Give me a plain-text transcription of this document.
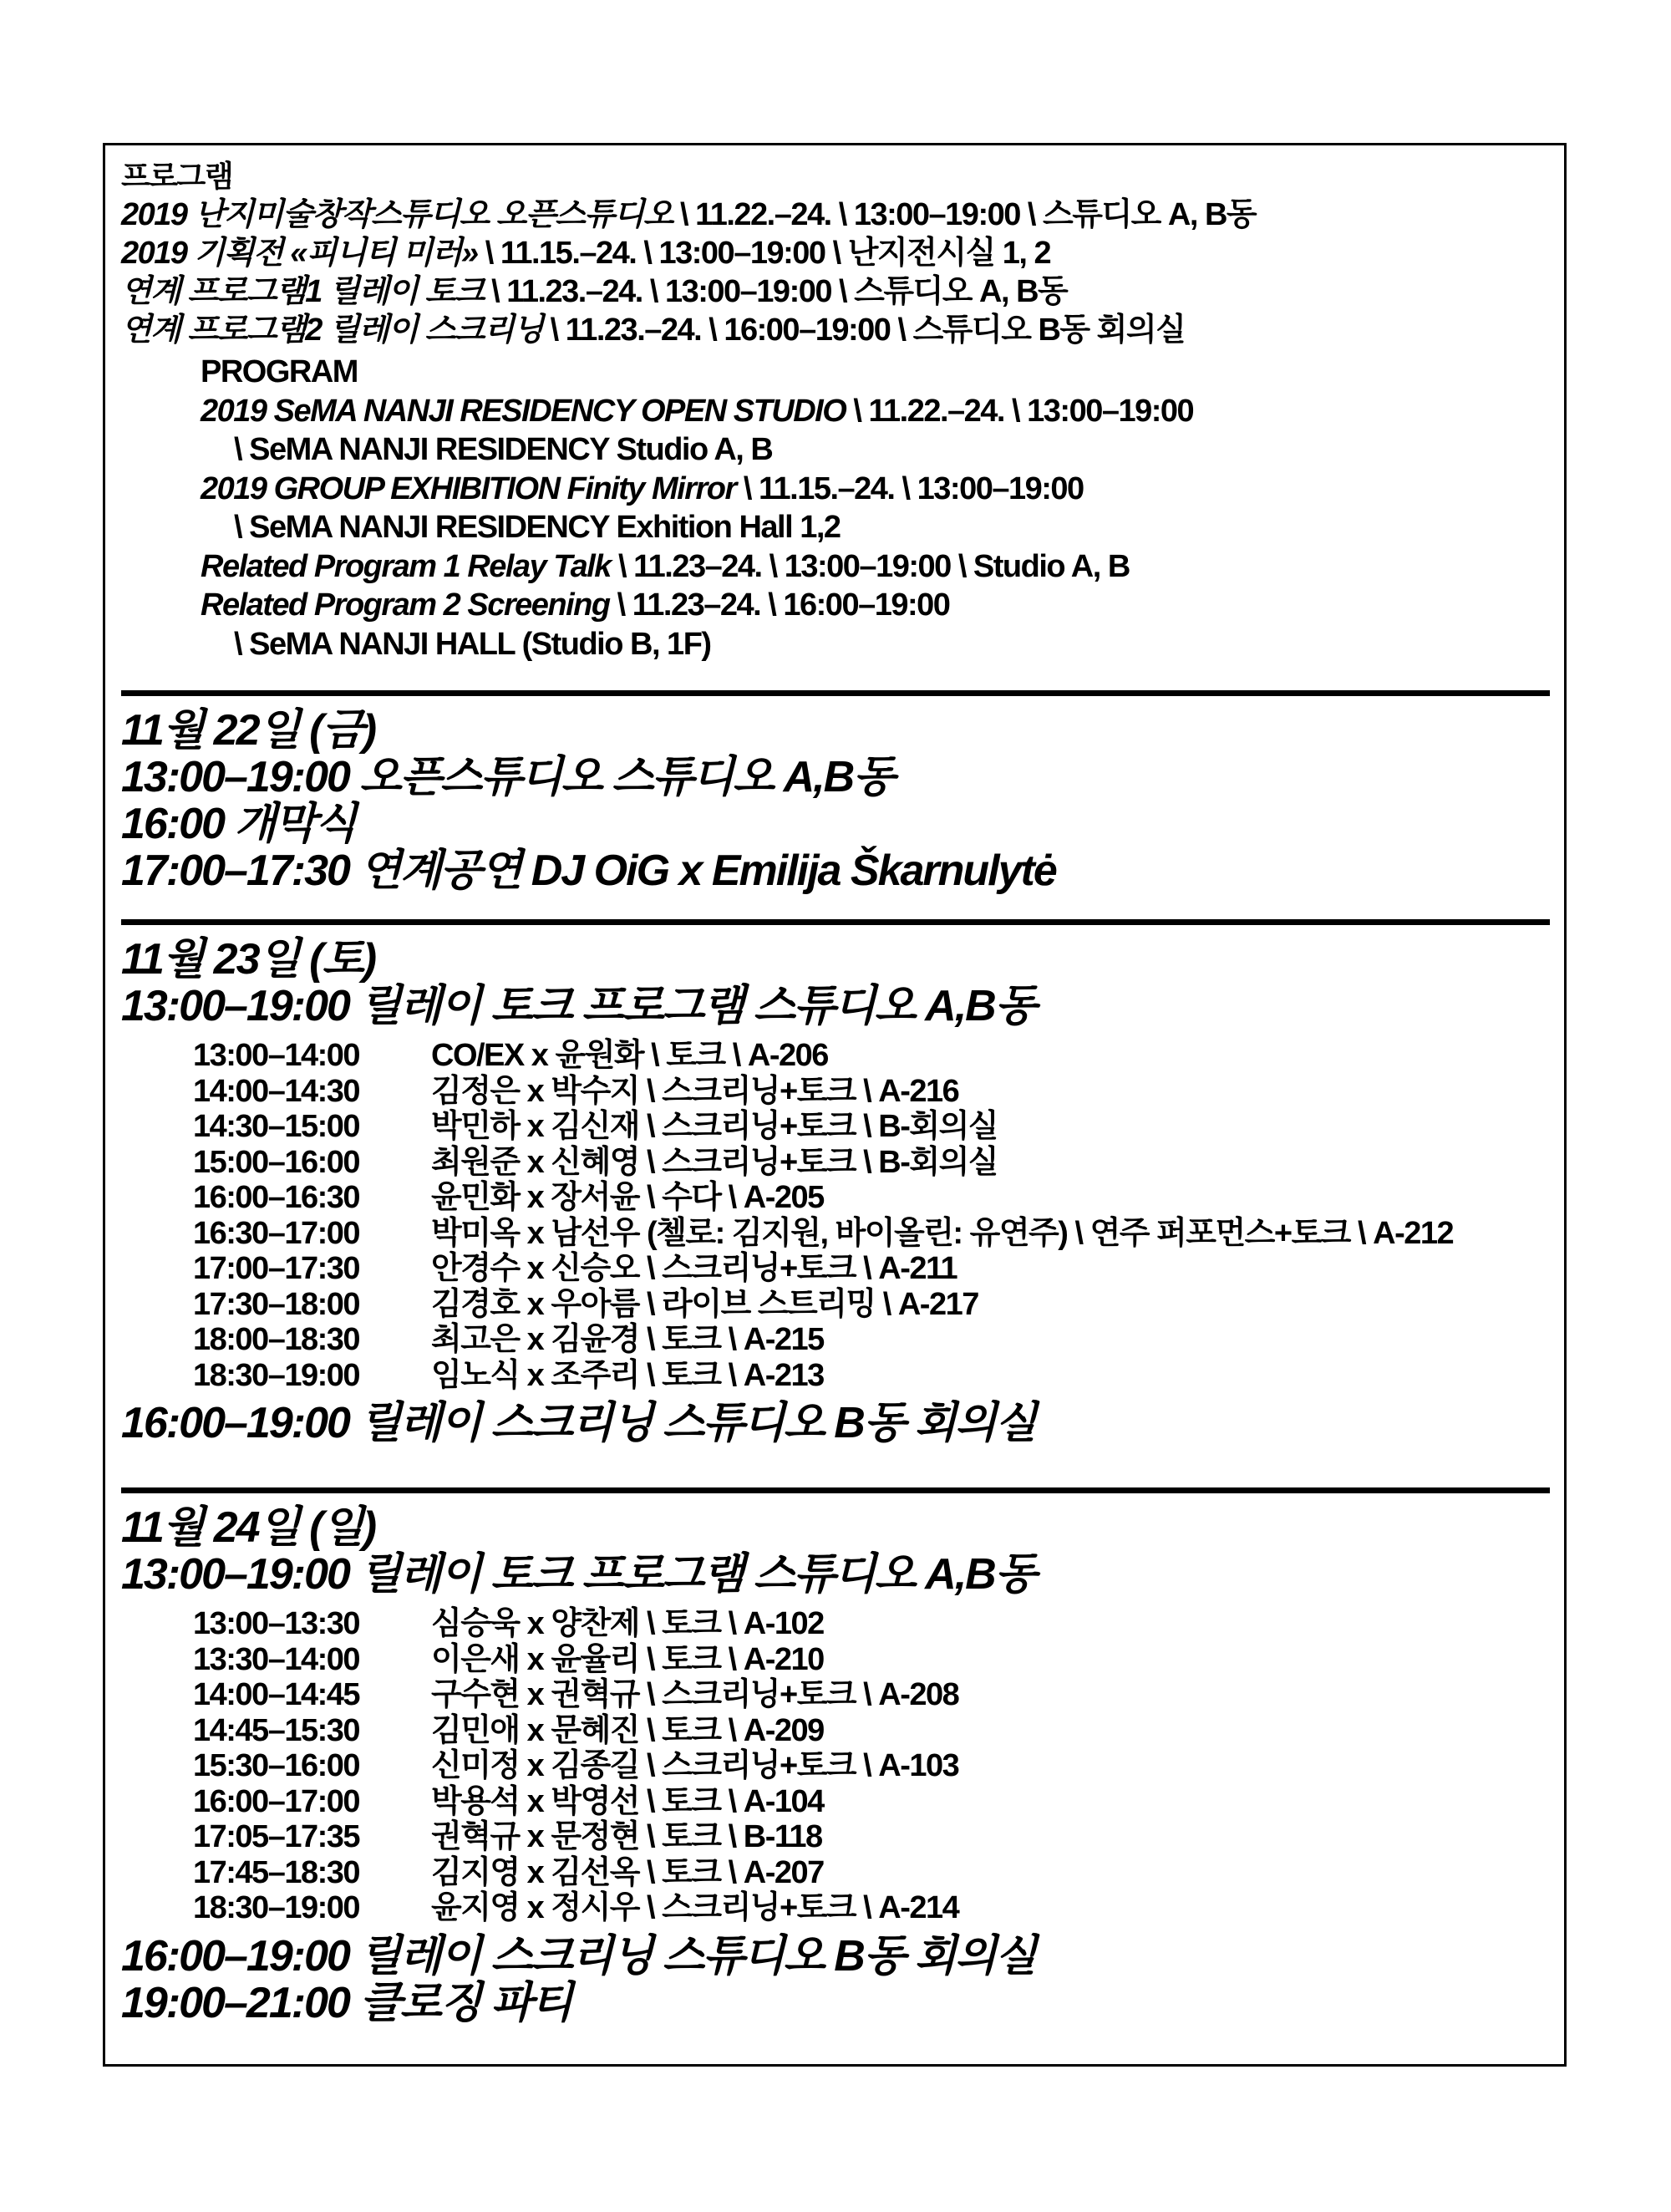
프로그램
2019 난지미술창작스튜디오 오픈스튜디오 \ 11.22.–24. \ 13:00–19:00 \ 스튜디오 A, B동
2019 기획전 «피니티 미러» \ 11.15.–24. \ 13:00–19:00 \ 난지전시실 1, 2
연계 프로그램1 릴레이 토크 \ 11.23.–24. \ 13:00–19:00 \ 스튜디오 A, B동
연계 프로그램2 릴레이 스크리닝 \ 11.23.–24. \ 16:00–19:00 \ 스튜디오 B동 회의실
PROGRAM
2019 SeMA NANJI RESIDENCY OPEN STUDIO \ 11.22.–24. \ 13:00–19:00
\ SeMA NANJI RESIDENCY Studio A, B
2019 GROUP EXHIBITION Finity Mirror \ 11.15.–24. \ 13:00–19:00
\ SeMA NANJI RESIDENCY Exhition Hall 1,2
Related Program 1 Relay Talk \ 11.23–24. \ 13:00–19:00 \ Studio A, B
Related Program 2 Screening \ 11.23–24. \ 16:00–19:00
\ SeMA NANJI HALL (Studio B, 1F)
11월 22일 (금)
13:00–19:00 오픈스튜디오 스튜디오 A,B동
16:00 개막식
17:00–17:30 연계공연 DJ OiG x Emilija Škarnulytė
11월 23일 (토)
13:00–19:00 릴레이 토크 프로그램 스튜디오 A,B동
13:00–14:00	CO/EX x 윤원화 \ 토크 \ A-206
14:00–14:30	김정은 x 박수지 \ 스크리닝+토크 \ A-216
14:30–15:00	박민하 x 김신재 \ 스크리닝+토크 \ B-회의실
15:00–16:00	최원준 x 신혜영 \ 스크리닝+토크 \ B-회의실
16:00–16:30	윤민화 x 장서윤 \ 수다 \ A-205
16:30–17:00	박미옥 x 남선우 (첼로: 김지원, 바이올린: 유연주) \ 연주 퍼포먼스+토크 \ A-212
17:00–17:30	안경수 x 신승오 \ 스크리닝+토크 \ A-211
17:30–18:00	김경호 x 우아름 \ 라이브 스트리밍 \ A-217
18:00–18:30	최고은 x 김윤경 \ 토크 \ A-215
18:30–19:00	임노식 x 조주리 \ 토크 \ A-213
16:00–19:00 릴레이 스크리닝 스튜디오 B동 회의실
11월 24일 (일)
13:00–19:00 릴레이 토크 프로그램 스튜디오 A,B동
13:00–13:30	심승욱 x 양찬제 \ 토크 \ A-102
13:30–14:00	이은새 x 윤율리 \ 토크 \ A-210
14:00–14:45	구수현 x 권혁규 \ 스크리닝+토크 \ A-208
14:45–15:30	김민애 x 문혜진 \ 토크 \ A-209
15:30–16:00	신미정 x 김종길 \ 스크리닝+토크 \ A-103
16:00–17:00	박용석 x 박영선 \ 토크 \ A-104
17:05–17:35	권혁규 x 문정현 \ 토크 \ B-118
17:45–18:30	김지영 x 김선옥 \ 토크 \ A-207
18:30–19:00	윤지영 x 정시우 \ 스크리닝+토크 \ A-214
16:00–19:00 릴레이 스크리닝 스튜디오 B동 회의실
19:00–21:00 클로징 파티
